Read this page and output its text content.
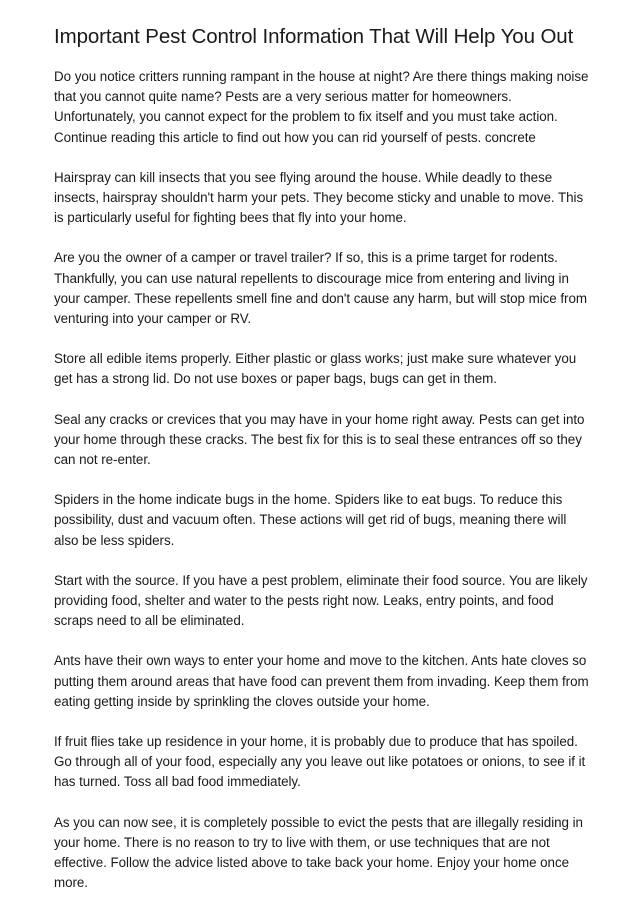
Important Pest Control Information That Will Help You Out

Do you notice critters running rampant in the house at night? Are there things making noise that you cannot quite name? Pests are a very serious matter for homeowners. Unfortunately, you cannot expect for the problem to fix itself and you must take action. Continue reading this article to find out how you can rid yourself of pests. concrete

Hairspray can kill insects that you see flying around the house. While deadly to these insects, hairspray shouldn't harm your pets. They become sticky and unable to move. This is particularly useful for fighting bees that fly into your home.

Are you the owner of a camper or travel trailer? If so, this is a prime target for rodents. Thankfully, you can use natural repellents to discourage mice from entering and living in your camper. These repellents smell fine and don't cause any harm, but will stop mice from venturing into your camper or RV.

Store all edible items properly. Either plastic or glass works; just make sure whatever you get has a strong lid. Do not use boxes or paper bags, bugs can get in them.

Seal any cracks or crevices that you may have in your home right away. Pests can get into your home through these cracks. The best fix for this is to seal these entrances off so they can not re-enter.

Spiders in the home indicate bugs in the home. Spiders like to eat bugs. To reduce this possibility, dust and vacuum often. These actions will get rid of bugs, meaning there will also be less spiders.

Start with the source. If you have a pest problem, eliminate their food source. You are likely providing food, shelter and water to the pests right now. Leaks, entry points, and food scraps need to all be eliminated.

Ants have their own ways to enter your home and move to the kitchen. Ants hate cloves so putting them around areas that have food can prevent them from invading. Keep them from eating getting inside by sprinkling the cloves outside your home.

If fruit flies take up residence in your home, it is probably due to produce that has spoiled. Go through all of your food, especially any you leave out like potatoes or onions, to see if it has turned. Toss all bad food immediately.

As you can now see, it is completely possible to evict the pests that are illegally residing in your home. There is no reason to try to live with them, or use techniques that are not effective. Follow the advice listed above to take back your home. Enjoy your home once more.
